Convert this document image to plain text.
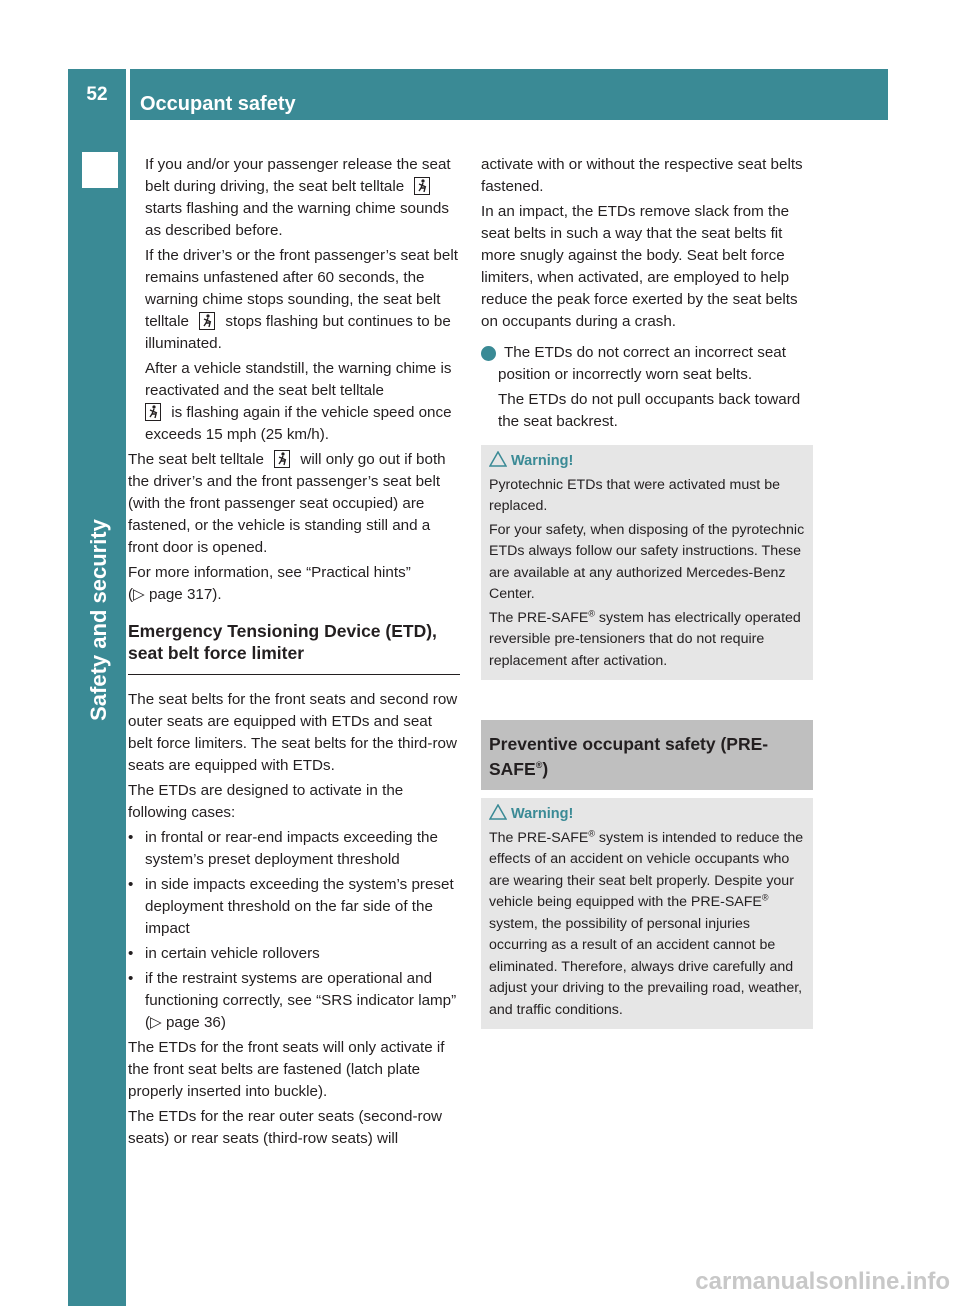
52	Occupant safety
Safety and security

If you and/or your passenger release the seat belt during driving, the seat belt telltale
starts flashing and the warning chime sounds as described before.

If the driver’s or the front passenger’s seat belt remains unfastened after 60 seconds, the warning chime stops sounding, the seat belt telltale stops flashing but continues to be illuminated.

After a vehicle standstill, the warning chime is reactivated and the seat belt telltale

is flashing again if the vehicle speed once exceeds 15 mph (25 km/h).

The seat belt telltale will only go out if both the driver’s and the front passenger’s seat belt (with the front passenger seat occupied) are fastened, or the vehicle is standing still and a front door is opened.

For more information, see “Practical hints”
(▷ page 317).

Emergency Tensioning Device (ETD), seat belt force limiter

The seat belts for the front seats and second row outer seats are equipped with ETDs and seat belt force limiters. The seat belts for the third-row seats are equipped with ETDs.

The ETDs are designed to activate in the following cases:

• in frontal or rear-end impacts exceeding the system’s preset deployment threshold

• in side impacts exceeding the system’s preset deployment threshold on the far side of the impact

• in certain vehicle rollovers

• if the restraint systems are operational and functioning correctly, see “SRS indicator lamp” (▷ page 36)

The ETDs for the front seats will only activate if the front seat belts are fastened (latch plate properly inserted into buckle).

The ETDs for the rear outer seats (second-row seats) or rear seats (third-row seats) will

activate with or without the respective seat belts fastened.

In an impact, the ETDs remove slack from the seat belts in such a way that the seat belts fit more snugly against the body. Seat belt force limiters, when activated, are employed to help reduce the peak force exerted by the seat belts on occupants during a crash.

i The ETDs do not correct an incorrect seat position or incorrectly worn seat belts.

The ETDs do not pull occupants back toward the seat backrest.

Warning!

Pyrotechnic ETDs that were activated must be replaced.

For your safety, when disposing of the pyrotechnic ETDs always follow our safety instructions. These are available at any authorized Mercedes-Benz Center.

The PRE-SAFE® system has electrically operated reversible pre-tensioners that do not require replacement after activation.

Preventive occupant safety (PRE-SAFE®)

Warning!

The PRE-SAFE® system is intended to reduce the effects of an accident on vehicle occupants who are wearing their seat belt properly. Despite your vehicle being equipped with the PRE-SAFE® system, the possibility of personal injuries occurring as a result of an accident cannot be eliminated. Therefore, always drive carefully and adjust your driving to the prevailing road, weather, and traffic conditions.

carmanualsonline.info
